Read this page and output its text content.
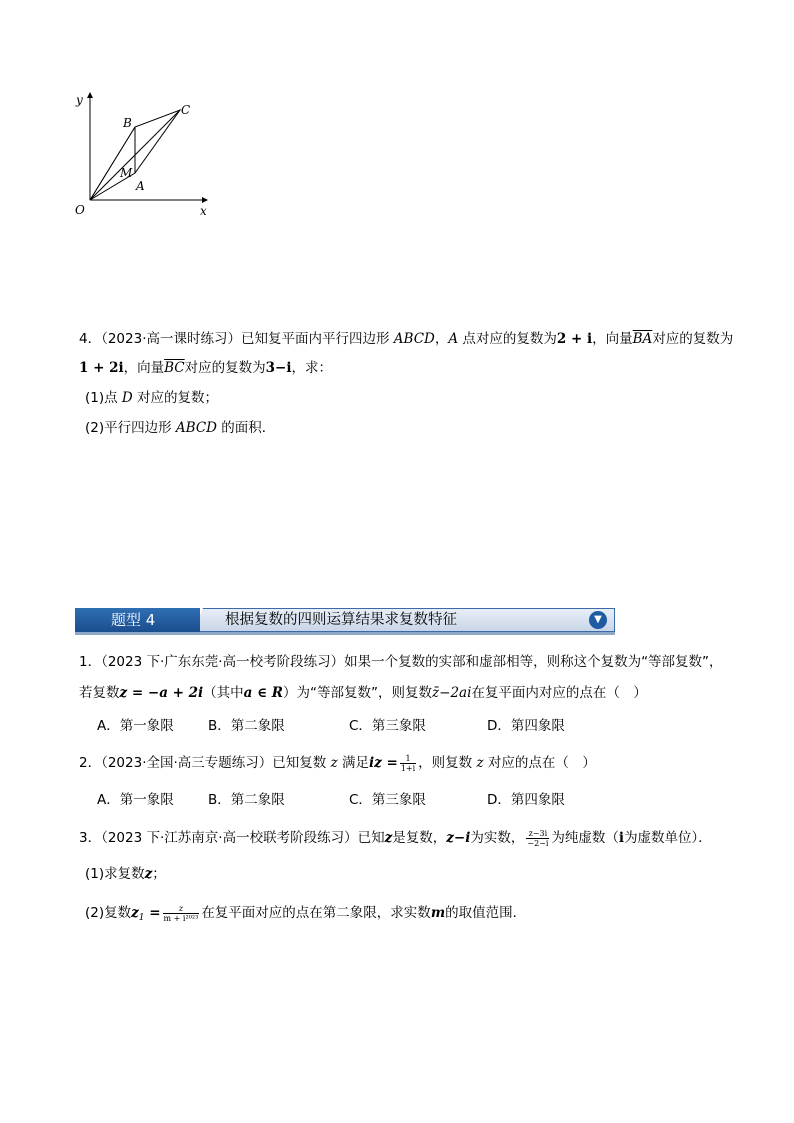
y
x
O
A
B
C
M
4．（2023·高一课时练习）已知复平面内平行四边形 ABCD，A 点对应的复数为2 + i，向量$\overline{BA}$对应的复数为
1 + 2i，向量$\overline{BC}$对应的复数为3−i，求：
(1)点 D 对应的复数；
(2)平行四边形 ABCD 的面积．
题型 4	根据复数的四则运算结果求复数特征	▼
1．（2023 下·广东东莞·高一校考阶段练习）如果一个复数的实部和虚部相等，则称这个复数为“等部复数”，
若复数z = −a + 2i（其中a ∈ R）为“等部复数”，则复数z̄−2ai在复平面内对应的点在（　）
A．第一象限	B．第二象限	C．第三象限	D．第四象限
2．（2023·全国·高三专题练习）已知复数 z 满足iz = $\frac{1}{1+i}$ ，则复数 z 对应的点在（　）
A．第一象限	B．第二象限	C．第三象限	D．第四象限
3．（2023 下·江苏南京·高一校联考阶段练习）已知z是复数，z−i为实数， $\frac{z-3i}{-2-i}$ 为纯虚数（i为虚数单位）．
(1)求复数z；
(2)复数$z_1 = \frac{z}{\text{m + i²⁰²³}}$ 在复平面对应的点在第二象限，求实数m的取值范围．
